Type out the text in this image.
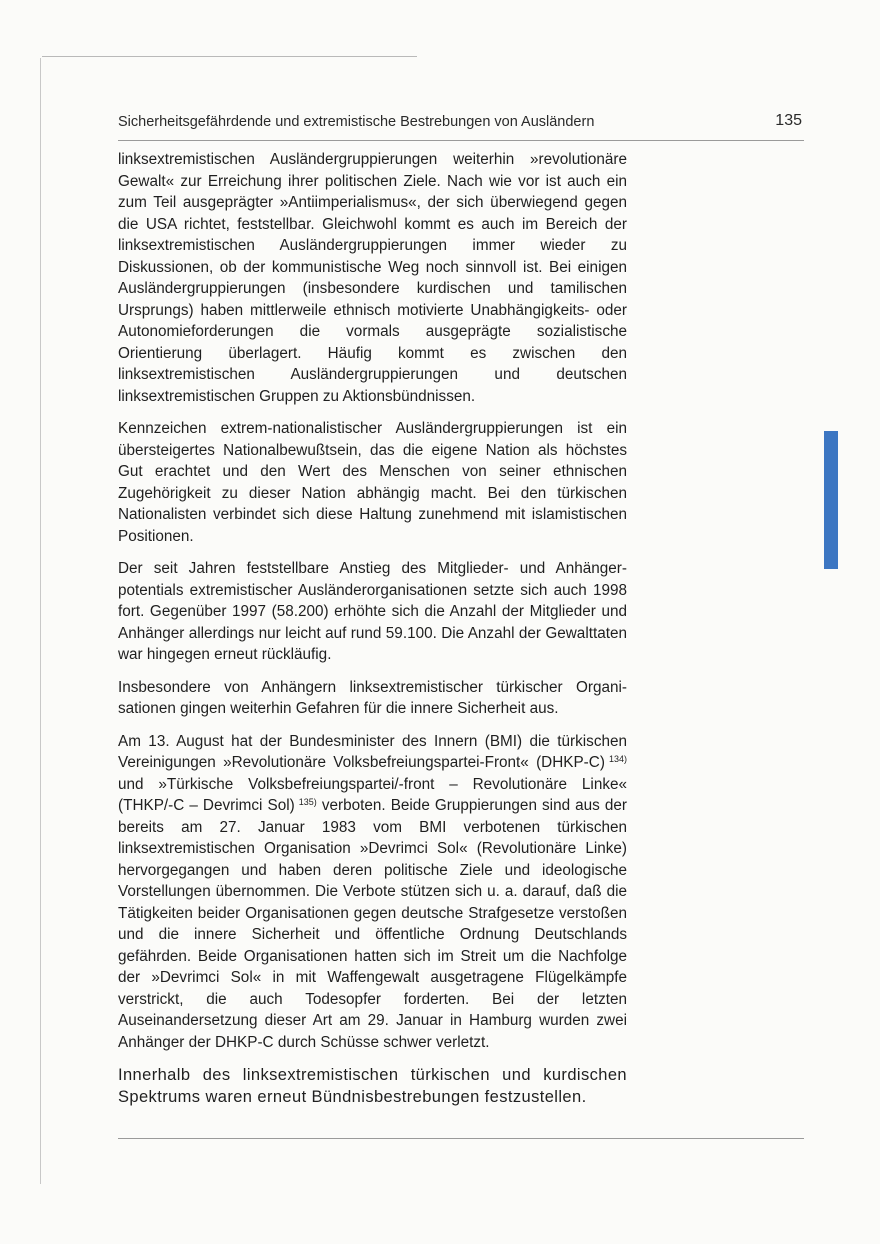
Sicherheitsgefährdende und extremistische Bestrebungen von Ausländern	135

linksextremistischen Ausländergruppierungen weiterhin »revolutionäre Gewalt« zur Erreichung ihrer politischen Ziele. Nach wie vor ist auch ein zum Teil ausgeprägter »Antiimperialismus«, der sich überwiegend gegen die USA richtet, feststellbar. Gleichwohl kommt es auch im Bereich der linksextremistischen Ausländergruppierungen immer wieder zu Diskussionen, ob der kommunistische Weg noch sinnvoll ist. Bei einigen Ausländergruppierungen (insbesondere kurdischen und tamilischen Ursprungs) haben mittlerweile ethnisch motivierte Unabhängigkeits- oder Autonomieforderungen die vormals ausgeprägte sozialistische Orientierung überlagert. Häufig kommt es zwischen den linksextremistischen Ausländergruppierungen und deutschen linksextremistischen Gruppen zu Aktionsbündnissen.

Kennzeichen extrem-nationalistischer Ausländergruppierungen ist ein übersteigertes Nationalbewußtsein, das die eigene Nation als höchstes Gut erachtet und den Wert des Menschen von seiner ethnischen Zugehörigkeit zu dieser Nation abhängig macht. Bei den türkischen Nationalisten verbindet sich diese Haltung zunehmend mit islamistischen Positionen.

Der seit Jahren feststellbare Anstieg des Mitglieder- und Anhängerpotentials extremistischer Ausländerorganisationen setzte sich auch 1998 fort. Gegenüber 1997 (58.200) erhöhte sich die Anzahl der Mitglieder und Anhänger allerdings nur leicht auf rund 59.100. Die Anzahl der Gewalttaten war hingegen erneut rückläufig.

Insbesondere von Anhängern linksextremistischer türkischer Organisationen gingen weiterhin Gefahren für die innere Sicherheit aus.

Am 13. August hat der Bundesminister des Innern (BMI) die türkischen Vereinigungen »Revolutionäre Volksbefreiungspartei-Front« (DHKP-C)  $^{134)}$ und »Türkische Volksbefreiungspartei/-front – Revolutionäre Linke« (THKP/-C – Devrimci Sol)  $^{135)}$ verboten. Beide Gruppierungen sind aus der bereits am 27. Januar 1983 vom BMI verbotenen türkischen linksextremistischen Organisation »Devrimci Sol« (Revolutionäre Linke) hervorgegangen und haben deren politische Ziele und ideologische Vorstellungen übernommen. Die Verbote stützen sich u. a. darauf, daß die Tätigkeiten beider Organisationen gegen deutsche Strafgesetze verstoßen und die innere Sicherheit und öffentliche Ordnung Deutschlands gefährden. Beide Organisationen hatten sich im Streit um die Nachfolge der »Devrimci Sol« in mit Waffengewalt ausgetragene Flügelkämpfe verstrickt, die auch Todesopfer forderten. Bei der letzten Auseinandersetzung dieser Art am 29. Januar in Hamburg wurden zwei Anhänger der DHKP-C durch Schüsse schwer verletzt.

Innerhalb des linksextremistischen türkischen und kurdischen Spektrums waren erneut Bündnisbestrebungen festzustellen.
